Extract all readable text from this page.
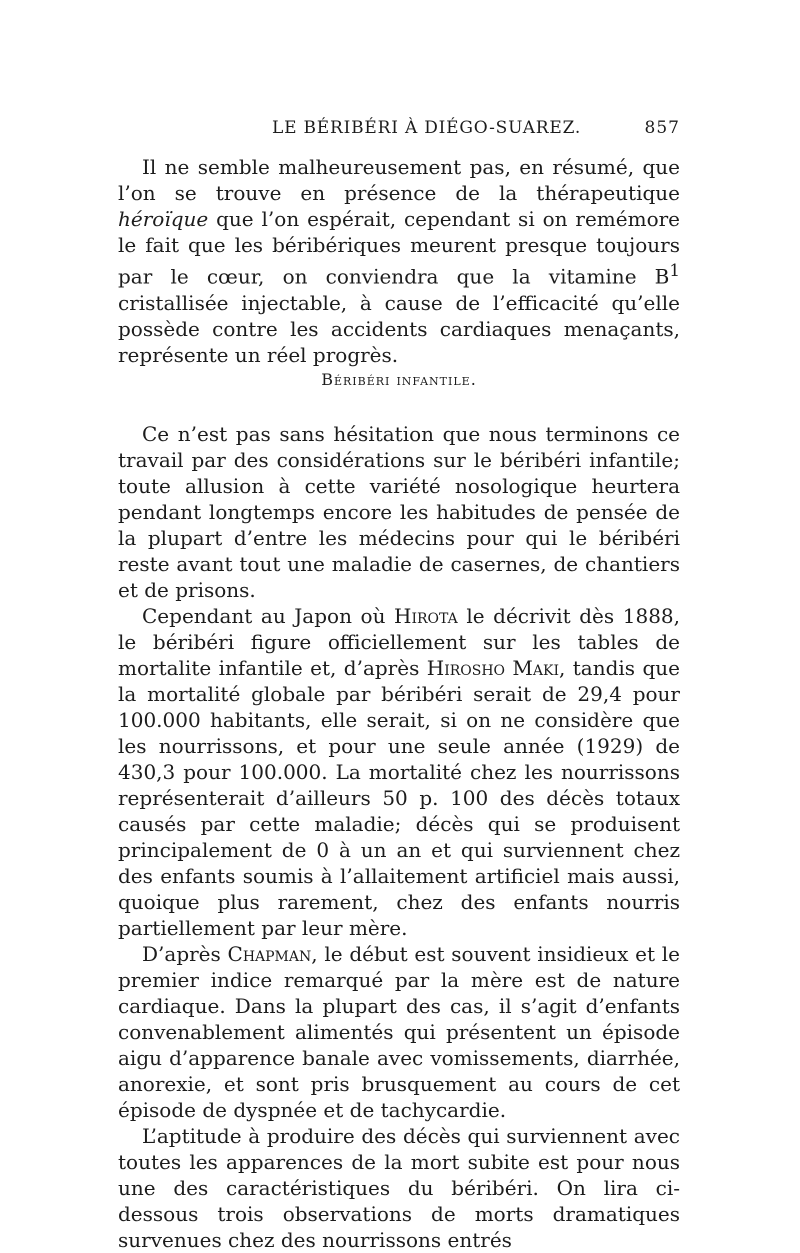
LE BÉRIBÉRI À DIÉGO-SUAREZ.	857

Il ne semble malheureusement pas, en résumé, que l’on se trouve en présence de la thérapeutique héroïque que l’on espérait, cependant si on remémore le fait que les béribériques meurent presque toujours par le cœur, on conviendra que la vitamine $B^1$ cristallisée injectable, à cause de l’efficacité qu’elle possède contre les accidents cardiaques menaçants, représente un réel progrès.

Béribéri infantile.

Ce n’est pas sans hésitation que nous terminons ce travail par des considérations sur le béribéri infantile; toute allusion à cette variété nosologique heurtera pendant longtemps encore les habitudes de pensée de la plupart d’entre les médecins pour qui le béribéri reste avant tout une maladie de casernes, de chantiers et de prisons.

Cependant au Japon où Hirota le décrivit dès 1888, le béribéri figure officiellement sur les tables de mortalite infantile et, d’après Hirosho Maki, tandis que la mortalité globale par béribéri serait de 29,4 pour 100.000 habitants, elle serait, si on ne considère que les nourrissons, et pour une seule année (1929) de 430,3 pour 100.000. La mortalité chez les nourrissons représenterait d’ailleurs 50 p. 100 des décès totaux causés par cette maladie; décès qui se produisent principalement de 0 à un an et qui surviennent chez des enfants soumis à l’allaitement artificiel mais aussi, quoique plus rarement, chez des enfants nourris partiellement par leur mère.

D’après Chapman, le début est souvent insidieux et le premier indice remarqué par la mère est de nature cardiaque. Dans la plupart des cas, il s’agit d’enfants convenablement alimentés qui présentent un épisode aigu d’apparence banale avec vomissements, diarrhée, anorexie, et sont pris brusquement au cours de cet épisode de dyspnée et de tachycardie.

L’aptitude à produire des décès qui surviennent avec toutes les apparences de la mort subite est pour nous une des caractéristiques du béribéri. On lira ci-dessous trois observations de morts dramatiques survenues chez des nourrissons entrés
